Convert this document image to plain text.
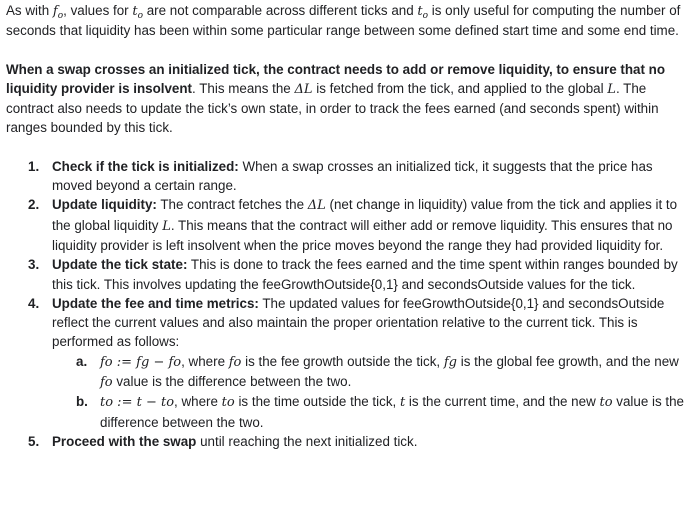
As with $f_o$, values for $t_o$ are not comparable across different ticks and $t_o$ is only useful for computing the number of seconds that liquidity has been within some particular range between some defined start time and some end time.

When a swap crosses an initialized tick, the contract needs to add or remove liquidity, to ensure that no liquidity provider is insolvent. This means the ΔL is fetched from the tick, and applied to the global L. The contract also needs to update the tick’s own state, in order to track the fees earned (and seconds spent) within ranges bounded by this tick.

1. Check if the tick is initialized: When a swap crosses an initialized tick, it suggests that the price has moved beyond a certain range.
2. Update liquidity: The contract fetches the ΔL (net change in liquidity) value from the tick and applies it to the global liquidity L. This means that the contract will either add or remove liquidity. This ensures that no liquidity provider is left insolvent when the price moves beyond the range they had provided liquidity for.
3. Update the tick state: This is done to track the fees earned and the time spent within ranges bounded by this tick. This involves updating the feeGrowthOutside{0,1} and secondsOutside values for the tick.
4. Update the fee and time metrics: The updated values for feeGrowthOutside{0,1} and secondsOutside reflect the current values and also maintain the proper orientation relative to the current tick. This is performed as follows:
a. fo := fg − fo, where fo is the fee growth outside the tick, fg is the global fee growth, and the new fo value is the difference between the two.
b. to := t − to, where to is the time outside the tick, t is the current time, and the new to value is the difference between the two.
5. Proceed with the swap until reaching the next initialized tick.
